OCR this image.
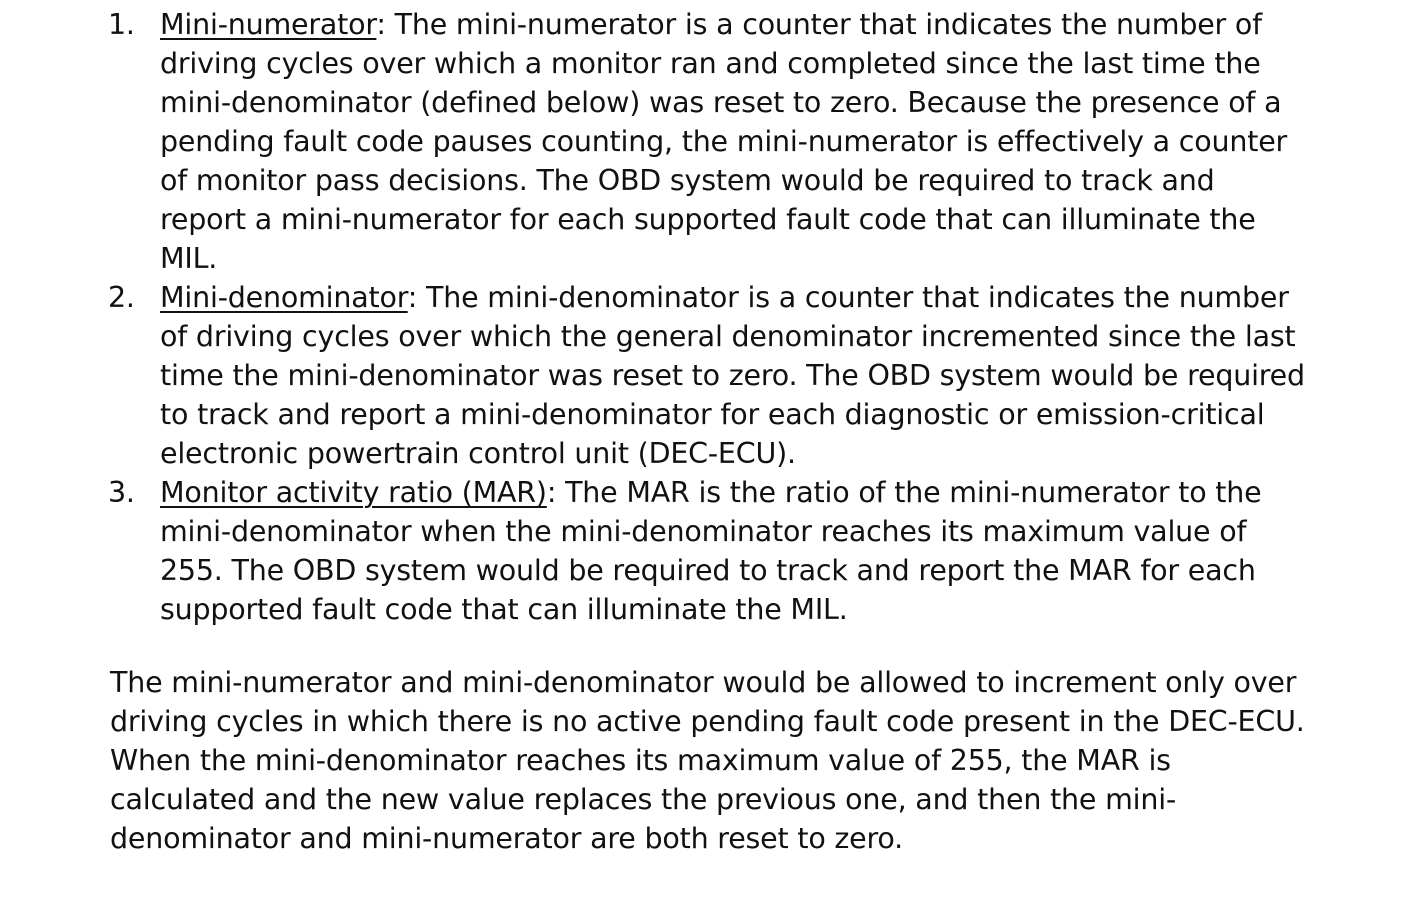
1. Mini-numerator: The mini-numerator is a counter that indicates the number of driving cycles over which a monitor ran and completed since the last time the mini-denominator (defined below) was reset to zero. Because the presence of a pending fault code pauses counting, the mini-numerator is effectively a counter of monitor pass decisions. The OBD system would be required to track and report a mini-numerator for each supported fault code that can illuminate the MIL.
2. Mini-denominator: The mini-denominator is a counter that indicates the number of driving cycles over which the general denominator incremented since the last time the mini-denominator was reset to zero. The OBD system would be required to track and report a mini-denominator for each diagnostic or emission-critical electronic powertrain control unit (DEC-ECU).
3. Monitor activity ratio (MAR): The MAR is the ratio of the mini-numerator to the mini-denominator when the mini-denominator reaches its maximum value of 255. The OBD system would be required to track and report the MAR for each supported fault code that can illuminate the MIL.

The mini-numerator and mini-denominator would be allowed to increment only over driving cycles in which there is no active pending fault code present in the DEC-ECU. When the mini-denominator reaches its maximum value of 255, the MAR is calculated and the new value replaces the previous one, and then the mini-denominator and mini-numerator are both reset to zero.
